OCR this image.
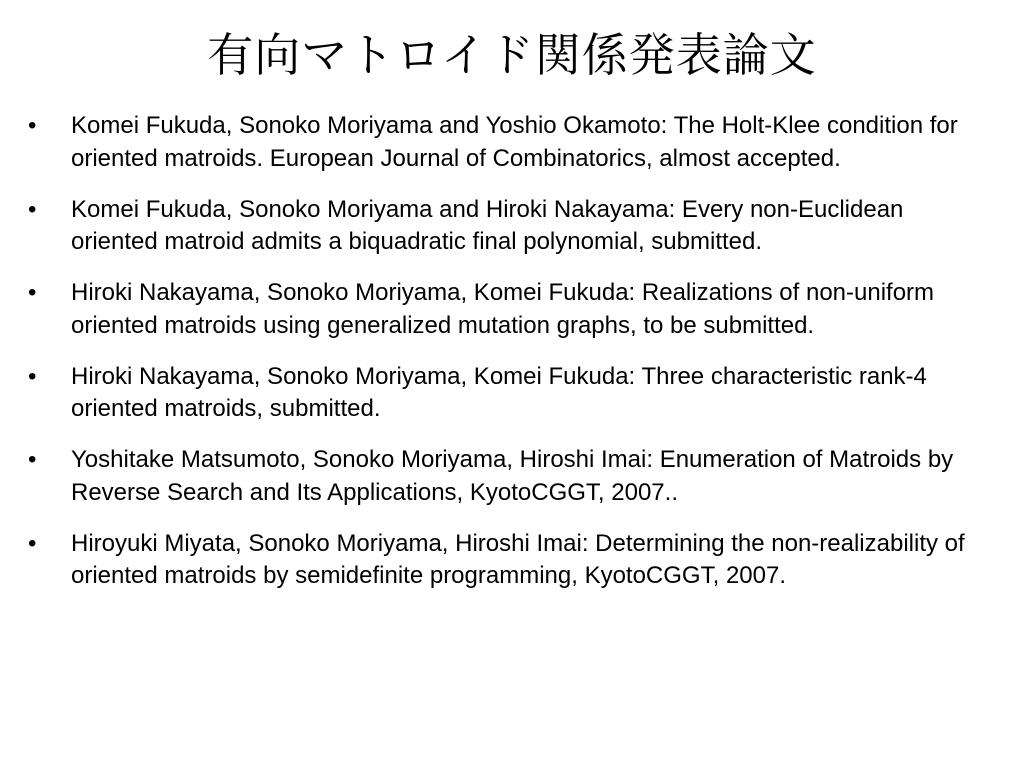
有向マトロイド関係発表論文
•	Komei Fukuda, Sonoko Moriyama and Yoshio Okamoto: The Holt-Klee condition for oriented matroids. European Journal of Combinatorics, almost accepted.
•	Komei Fukuda, Sonoko Moriyama and Hiroki Nakayama: Every non-Euclidean oriented matroid admits a biquadratic final polynomial, submitted.
•	Hiroki Nakayama, Sonoko Moriyama, Komei Fukuda: Realizations of non-uniform oriented matroids using generalized mutation graphs, to be submitted.
•	Hiroki Nakayama, Sonoko Moriyama, Komei Fukuda: Three characteristic rank-4 oriented matroids, submitted.
•	Yoshitake Matsumoto, Sonoko Moriyama, Hiroshi Imai: Enumeration of Matroids by Reverse Search and Its Applications, KyotoCGGT, 2007..
•	Hiroyuki Miyata, Sonoko Moriyama, Hiroshi Imai: Determining the non-realizability of oriented matroids by semidefinite programming, KyotoCGGT, 2007.
